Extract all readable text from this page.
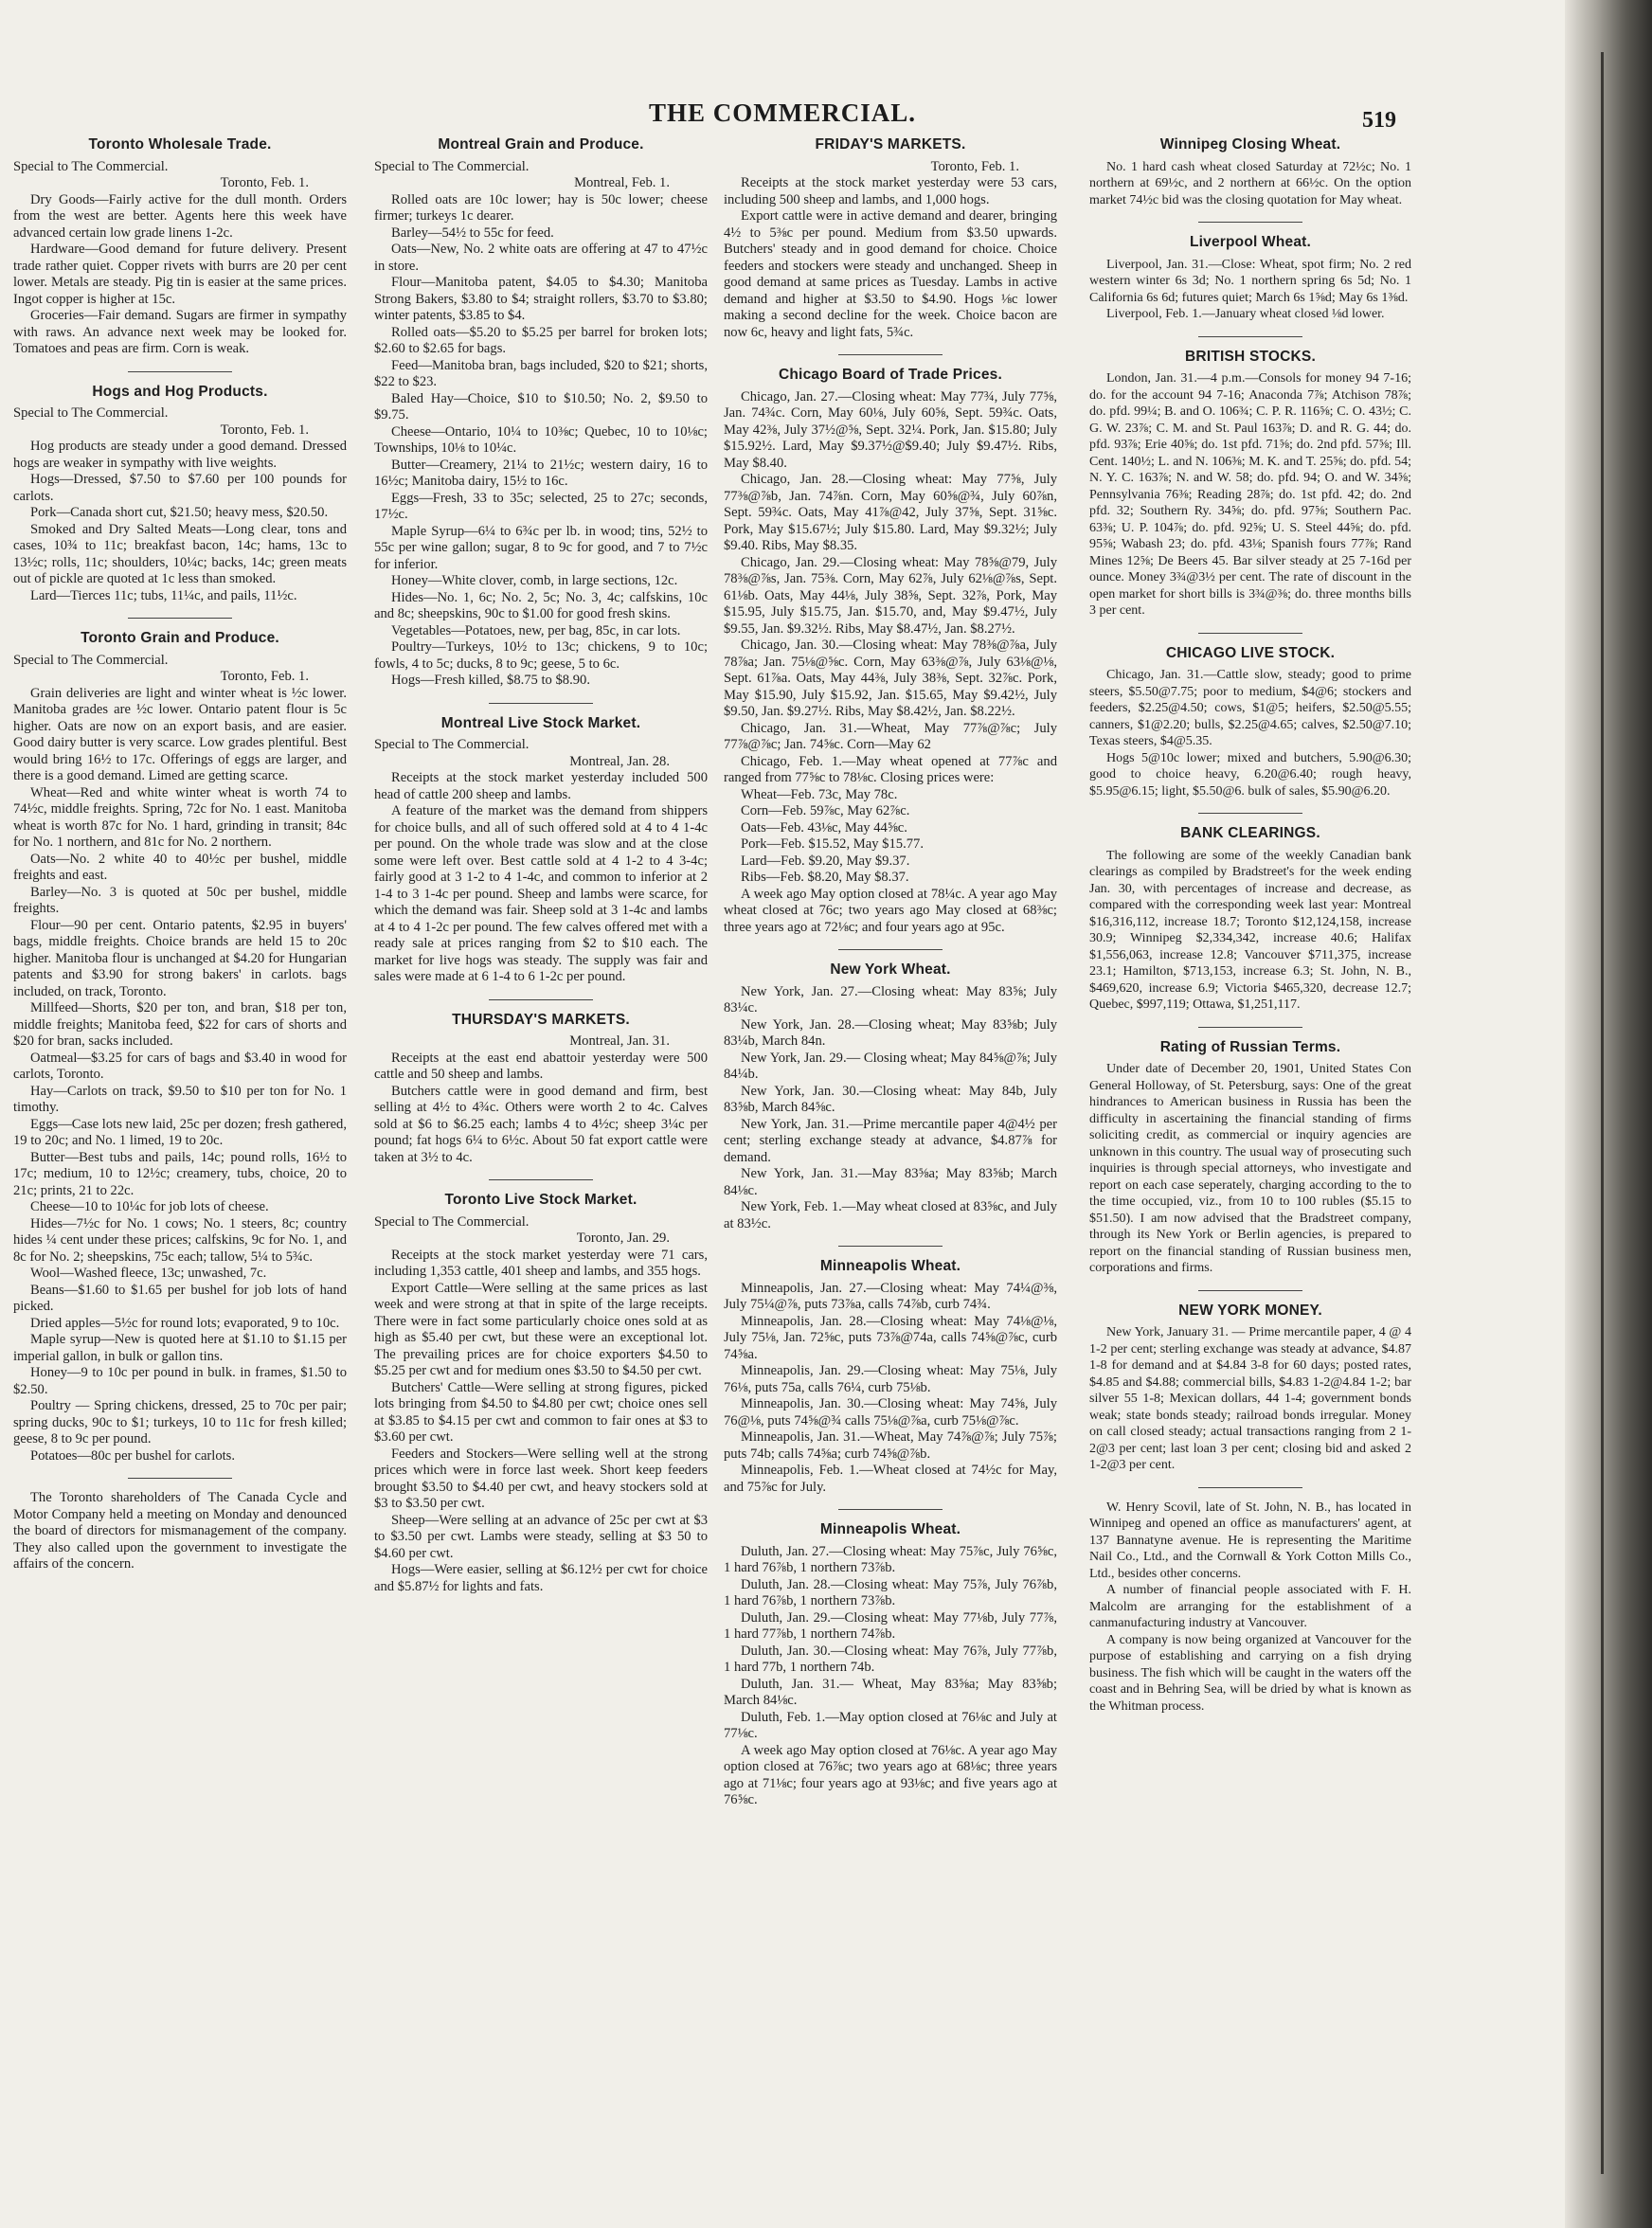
THE COMMERCIAL.	519
Toronto Wholesale Trade.
Special to The Commercial.
Toronto, Feb. 1.

Dry Goods—Fairly active for the dull month. Orders from the west are better. Agents here this week have advanced certain low grade linens 1-2c.

Hardware—Good demand for future delivery. Present trade rather quiet. Copper rivets with burrs are 20 per cent lower. Metals are steady. Pig tin is easier at the same prices. Ingot copper is higher at 15c.

Groceries—Fair demand. Sugars are firmer in sympathy with raws. An advance next week may be looked for. Tomatoes and peas are firm. Corn is weak.

Hogs and Hog Products.
Special to The Commercial.
Toronto, Feb. 1.

Hog products are steady under a good demand. Dressed hogs are weaker in sympathy with live weights.

Hogs—Dressed, $7.50 to $7.60 per 100 pounds for carlots.

Pork—Canada short cut, $21.50; heavy mess, $20.50.

Smoked and Dry Salted Meats—Long clear, tons and cases, 10¾ to 11c; breakfast bacon, 14c; hams, 13c to 13½c; rolls, 11c; shoulders, 10¼c; backs, 14c; green meats out of pickle are quoted at 1c less than smoked.

Lard—Tierces 11c; tubs, 11¼c, and pails, 11½c.

Toronto Grain and Produce.
Special to The Commercial.
Toronto, Feb. 1.

Grain deliveries are light and winter wheat is ½c lower. Manitoba grades are ½c lower. Ontario patent flour is 5c higher. Oats are now on an export basis, and are easier. Good dairy butter is very scarce. Low grades plentiful. Best would bring 16½ to 17c. Offerings of eggs are larger, and there is a good demand. Limed are getting scarce.

Wheat—Red and white winter wheat is worth 74 to 74½c, middle freights. Spring, 72c for No. 1 east. Manitoba wheat is worth 87c for No. 1 hard, grinding in transit; 84c for No. 1 northern, and 81c for No. 2 northern.

Oats—No. 2 white 40 to 40½c per bushel, middle freights and east.

Barley—No. 3 is quoted at 50c per bushel, middle freights.

Flour—90 per cent. Ontario patents, $2.95 in buyers' bags, middle freights. Choice brands are held 15 to 20c higher. Manitoba flour is unchanged at $4.20 for Hungarian patents and $3.90 for strong bakers' in carlots. bags included, on track, Toronto.

Millfeed—Shorts, $20 per ton, and bran, $18 per ton, middle freights; Manitoba feed, $22 for cars of shorts and $20 for bran, sacks included.

Oatmeal—$3.25 for cars of bags and $3.40 in wood for carlots, Toronto.

Hay—Carlots on track, $9.50 to $10 per ton for No. 1 timothy.

Eggs—Case lots new laid, 25c per dozen; fresh gathered, 19 to 20c; and No. 1 limed, 19 to 20c.

Butter—Best tubs and pails, 14c; pound rolls, 16½ to 17c; medium, 10 to 12½c; creamery, tubs, choice, 20 to 21c; prints, 21 to 22c.

Cheese—10 to 10¼c for job lots of cheese.

Hides—7½c for No. 1 cows; No. 1 steers, 8c; country hides ¼ cent under these prices; calfskins, 9c for No. 1, and 8c for No. 2; sheepskins, 75c each; tallow, 5¼ to 5¾c.

Wool—Washed fleece, 13c; unwashed, 7c.

Beans—$1.60 to $1.65 per bushel for job lots of hand picked.

Dried apples—5½c for round lots; evaporated, 9 to 10c.

Maple syrup—New is quoted here at $1.10 to $1.15 per imperial gallon, in bulk or gallon tins.

Honey—9 to 10c per pound in bulk. in frames, $1.50 to $2.50.

Poultry — Spring chickens, dressed, 25 to 70c per pair; spring ducks, 90c to $1; turkeys, 10 to 11c for fresh killed; geese, 8 to 9c per pound.

Potatoes—80c per bushel for carlots.

The Toronto shareholders of The Canada Cycle and Motor Company held a meeting on Monday and denounced the board of directors for mismanagement of the company. They also called upon the government to investigate the affairs of the concern.

Montreal Grain and Produce.
Special to The Commercial.
Montreal, Feb. 1.

Rolled oats are 10c lower; hay is 50c lower; cheese firmer; turkeys 1c dearer.

Barley—54½ to 55c for feed.

Oats—New, No. 2 white oats are offering at 47 to 47½c in store.

Flour—Manitoba patent, $4.05 to $4.30; Manitoba Strong Bakers, $3.80 to $4; straight rollers, $3.70 to $3.80; winter patents, $3.85 to $4.

Rolled oats—$5.20 to $5.25 per barrel for broken lots; $2.60 to $2.65 for bags.

Feed—Manitoba bran, bags included, $20 to $21; shorts, $22 to $23.

Baled Hay—Choice, $10 to $10.50; No. 2, $9.50 to $9.75.

Cheese—Ontario, 10¼ to 10⅜c; Quebec, 10 to 10⅛c; Townships, 10⅛ to 10¼c.

Butter—Creamery, 21¼ to 21½c; western dairy, 16 to 16½c; Manitoba dairy, 15½ to 16c.

Eggs—Fresh, 33 to 35c; selected, 25 to 27c; seconds, 17½c.

Maple Syrup—6¼ to 6¾c per lb. in wood; tins, 52½ to 55c per wine gallon; sugar, 8 to 9c for good, and 7 to 7½c for inferior.

Honey—White clover, comb, in large sections, 12c.

Hides—No. 1, 6c; No. 2, 5c; No. 3, 4c; calfskins, 10c and 8c; sheepskins, 90c to $1.00 for good fresh skins.

Vegetables—Potatoes, new, per bag, 85c, in car lots.

Poultry—Turkeys, 10½ to 13c; chickens, 9 to 10c; fowls, 4 to 5c; ducks, 8 to 9c; geese, 5 to 6c.

Hogs—Fresh killed, $8.75 to $8.90.

Montreal Live Stock Market.
Special to The Commercial.
Montreal, Jan. 28.

Receipts at the stock market yesterday included 500 head of cattle 200 sheep and lambs.

A feature of the market was the demand from shippers for choice bulls, and all of such offered sold at 4 to 4 1-4c per pound. On the whole trade was slow and at the close some were left over. Best cattle sold at 4 1-2 to 4 3-4c; fairly good at 3 1-2 to 4 1-4c, and common to inferior at 2 1-4 to 3 1-4c per pound. Sheep and lambs were scarce, for which the demand was fair. Sheep sold at 3 1-4c and lambs at 4 to 4 1-2c per pound. The few calves offered met with a ready sale at prices ranging from $2 to $10 each. The market for live hogs was steady. The supply was fair and sales were made at 6 1-4 to 6 1-2c per pound.

THURSDAY'S MARKETS.
Montreal, Jan. 31.

Receipts at the east end abattoir yesterday were 500 cattle and 50 sheep and lambs.

Butchers cattle were in good demand and firm, best selling at 4½ to 4¾c. Others were worth 2 to 4c. Calves sold at $6 to $6.25 each; lambs 4 to 4½c; sheep 3¼c per pound; fat hogs 6¼ to 6½c. About 50 fat export cattle were taken at 3½ to 4c.

Toronto Live Stock Market.
Special to The Commercial.
Toronto, Jan. 29.

Receipts at the stock market yesterday were 71 cars, including 1,353 cattle, 401 sheep and lambs, and 355 hogs.

Export Cattle—Were selling at the same prices as last week and were strong at that in spite of the large receipts. There were in fact some particularly choice ones sold at as high as $5.40 per cwt, but these were an exceptional lot. The prevailing prices are for choice exporters $4.50 to $5.25 per cwt and for medium ones $3.50 to $4.50 per cwt.

Butchers' Cattle—Were selling at strong figures, picked lots bringing from $4.50 to $4.80 per cwt; choice ones sell at $3.85 to $4.15 per cwt and common to fair ones at $3 to $3.60 per cwt.

Feeders and Stockers—Were selling well at the strong prices which were in force last week. Short keep feeders brought $3.50 to $4.40 per cwt, and heavy stockers sold at $3 to $3.50 per cwt.

Sheep—Were selling at an advance of 25c per cwt at $3 to $3.50 per cwt. Lambs were steady, selling at $3 50 to $4.60 per cwt.

Hogs—Were easier, selling at $6.12½ per cwt for choice and $5.87½ for lights and fats.

FRIDAY'S MARKETS.
Toronto, Feb. 1.

Receipts at the stock market yesterday were 53 cars, including 500 sheep and lambs, and 1,000 hogs.

Export cattle were in active demand and dearer, bringing 4½ to 5⅜c per pound. Medium from $3.50 upwards. Butchers' steady and in good demand for choice. Choice feeders and stockers were steady and unchanged. Sheep in good demand at same prices as Tuesday. Lambs in active demand and higher at $3.50 to $4.90. Hogs ⅛c lower making a second decline for the week. Choice bacon are now 6c, heavy and light fats, 5¾c.

Chicago Board of Trade Prices.

Chicago, Jan. 27.—Closing wheat: May 77¾, July 77⅝, Jan. 74¾c. Corn, May 60⅛, July 60⅝, Sept. 59¾c. Oats, May 42⅜, July 37½@⅝, Sept. 32¼. Pork, Jan. $15.80; July $15.92½. Lard, May $9.37½@$9.40; July $9.47½. Ribs, May $8.40.

Chicago, Jan. 28.—Closing wheat: May 77⅝, July 77⅜@⅞b, Jan. 74⅞n. Corn, May 60⅝@¾, July 60⅞n, Sept. 59¾c. Oats, May 41⅞@42, July 37⅝, Sept. 31⅝c. Pork, May $15.67½; July $15.80. Lard, May $9.32½; July $9.40. Ribs, May $8.35.

Chicago, Jan. 29.—Closing wheat: May 78⅝@79, July 78⅜@⅞s, Jan. 75⅜. Corn, May 62⅞, July 62⅛@⅞s, Sept. 61⅛b. Oats, May 44⅛, July 38⅝, Sept. 32⅞, Pork, May $15.95, July $15.75, Jan. $15.70, and, May $9.47½, July $9.55, Jan. $9.32½. Ribs, May $8.47½, Jan. $8.27½.

Chicago, Jan. 30.—Closing wheat: May 78⅜@⅞a, July 78⅞a; Jan. 75⅛@⅝c. Corn, May 63⅜@⅞, July 63⅛@⅛, Sept. 61⅞a. Oats, May 44⅜, July 38⅜, Sept. 32⅞c. Pork, May $15.90, July $15.92, Jan. $15.65, May $9.42½, July $9.50, Jan. $9.27½. Ribs, May $8.42½, Jan. $8.22½.

Chicago, Jan. 31.—Wheat, May 77⅞@⅞c; July 77⅞@⅞c; Jan. 74⅝c. Corn—May 62

Chicago, Feb. 1.—May wheat opened at 77⅞c and ranged from 77⅝c to 78⅛c. Closing prices were:

Wheat—Feb. 73c, May 78c.

Corn—Feb. 59⅞c, May 62⅞c.

Oats—Feb. 43⅛c, May 44⅝c.

Pork—Feb. $15.52, May $15.77.

Lard—Feb. $9.20, May $9.37.

Ribs—Feb. $8.20, May $8.37.

A week ago May option closed at 78¼c. A year ago May wheat closed at 76c; two years ago May closed at 68⅜c; three years ago at 72⅛c; and four years ago at 95c.

New York Wheat.

New York, Jan. 27.—Closing wheat: May 83⅝; July 83¼c.

New York, Jan. 28.—Closing wheat; May 83⅝b; July 83¼b, March 84n.

New York, Jan. 29.— Closing wheat; May 84⅝@⅞; July 84¼b.

New York, Jan. 30.—Closing wheat: May 84b, July 83⅝b, March 84⅝c.

New York, Jan. 31.—Prime mercantile paper 4@4½ per cent; sterling exchange steady at advance, $4.87⅞ for demand.

New York, Jan. 31.—May 83⅝a; May 83⅝b; March 84⅛c.

New York, Feb. 1.—May wheat closed at 83⅝c, and July at 83½c.

Minneapolis Wheat.

Minneapolis, Jan. 27.—Closing wheat: May 74¼@⅜, July 75¼@⅞, puts 73⅞a, calls 74⅞b, curb 74¾.

Minneapolis, Jan. 28.—Closing wheat: May 74⅛@⅛, July 75⅛, Jan. 72⅝c, puts 73⅞@74a, calls 74⅝@⅞c, curb 74⅝a.

Minneapolis, Jan. 29.—Closing wheat: May 75⅛, July 76⅛, puts 75a, calls 76¼, curb 75⅛b.

Minneapolis, Jan. 30.—Closing wheat: May 74⅝, July 76@⅛, puts 74⅝@¾ calls 75⅛@⅞a, curb 75⅛@⅞c.

Minneapolis, Jan. 31.—Wheat, May 74⅞@⅞; July 75⅞; puts 74b; calls 74⅝a; curb 74⅝@⅞b.

Minneapolis, Feb. 1.—Wheat closed at 74½c for May, and 75⅞c for July.

Minneapolis Wheat.

Duluth, Jan. 27.—Closing wheat: May 75⅞c, July 76⅝c, 1 hard 76⅞b, 1 northern 73⅞b.

Duluth, Jan. 28.—Closing wheat: May 75⅞, July 76⅞b, 1 hard 76⅞b, 1 northern 73⅞b.

Duluth, Jan. 29.—Closing wheat: May 77⅛b, July 77⅞, 1 hard 77⅞b, 1 northern 74⅞b.

Duluth, Jan. 30.—Closing wheat: May 76⅞, July 77⅞b, 1 hard 77b, 1 northern 74b.

Duluth, Jan. 31.— Wheat, May 83⅝a; May 83⅝b; March 84⅛c.

Duluth, Feb. 1.—May option closed at 76⅛c and July at 77⅛c.

A week ago May option closed at 76⅛c. A year ago May option closed at 76⅞c; two years ago at 68⅛c; three years ago at 71⅛c; four years ago at 93⅛c; and five years ago at 76⅝c.

Winnipeg Closing Wheat.

No. 1 hard cash wheat closed Saturday at 72½c; No. 1 northern at 69½c, and 2 northern at 66½c. On the option market 74½c bid was the closing quotation for May wheat.

Liverpool Wheat.

Liverpool, Jan. 31.—Close: Wheat, spot firm; No. 2 red western winter 6s 3d; No. 1 northern spring 6s 5d; No. 1 California 6s 6d; futures quiet; March 6s 1⅝d; May 6s 1⅜d.

Liverpool, Feb. 1.—January wheat closed ⅛d lower.

BRITISH STOCKS.

London, Jan. 31.—4 p.m.—Consols for money 94 7-16; do. for the account 94 7-16; Anaconda 7⅞; Atchison 78⅞; do. pfd. 99¼; B. and O. 106¾; C. P. R. 116⅝; C. O. 43½; C. G. W. 23⅞; C. M. and St. Paul 163⅞; D. and R. G. 44; do. pfd. 93⅞; Erie 40⅝; do. 1st pfd. 71⅝; do. 2nd pfd. 57⅝; Ill. Cent. 140½; L. and N. 106⅜; M. K. and T. 25⅝; do. pfd. 54; N. Y. C. 163⅞; N. and W. 58; do. pfd. 94; O. and W. 34⅝; Pennsylvania 76⅜; Reading 28⅞; do. 1st pfd. 42; do. 2nd pfd. 32; Southern Ry. 34⅝; do. pfd. 97⅝; Southern Pac. 63⅜; U. P. 104⅞; do. pfd. 92⅝; U. S. Steel 44⅝; do. pfd. 95⅝; Wabash 23; do. pfd. 43⅛; Spanish fours 77⅞; Rand Mines 12⅝; De Beers 45. Bar silver steady at 25 7-16d per ounce. Money 3¾@3½ per cent. The rate of discount in the open market for short bills is 3¾@⅜; do. three months bills 3 per cent.

CHICAGO LIVE STOCK.

Chicago, Jan. 31.—Cattle slow, steady; good to prime steers, $5.50@7.75; poor to medium, $4@6; stockers and feeders, $2.25@4.50; cows, $1@5; heifers, $2.50@5.55; canners, $1@2.20; bulls, $2.25@4.65; calves, $2.50@7.10; Texas steers, $4@5.35.

Hogs 5@10c lower; mixed and butchers, 5.90@6.30; good to choice heavy, 6.20@6.40; rough heavy, $5.95@6.15; light, $5.50@6. bulk of sales, $5.90@6.20.

BANK CLEARINGS.

The following are some of the weekly Canadian bank clearings as compiled by Bradstreet's for the week ending Jan. 30, with percentages of increase and decrease, as compared with the corresponding week last year: Montreal $16,316,112, increase 18.7; Toronto $12,124,158, increase 30.9; Winnipeg $2,334,342, increase 40.6; Halifax $1,556,063, increase 12.8; Vancouver $711,375, increase 23.1; Hamilton, $713,153, increase 6.3; St. John, N. B., $469,620, increase 6.9; Victoria $465,320, decrease 12.7; Quebec, $997,119; Ottawa, $1,251,117.

Rating of Russian Terms.

Under date of December 20, 1901, United States Con General Holloway, of St. Petersburg, says: One of the great hindrances to American business in Russia has been the difficulty in ascertaining the financial standing of firms soliciting credit, as commercial or inquiry agencies are unknown in this country. The usual way of prosecuting such inquiries is through special attorneys, who investigate and report on each case seperately, charging according to the to the time occupied, viz., from 10 to 100 rubles ($5.15 to $51.50). I am now advised that the Bradstreet company, through its New York or Berlin agencies, is prepared to report on the financial standing of Russian business men, corporations and firms.

NEW YORK MONEY.

New York, January 31. — Prime mercantile paper, 4 @ 4 1-2 per cent; sterling exchange was steady at advance, $4.87 1-8 for demand and at $4.84 3-8 for 60 days; posted rates, $4.85 and $4.88; commercial bills, $4.83 1-2@4.84 1-2; bar silver 55 1-8; Mexican dollars, 44 1-4; government bonds weak; state bonds steady; railroad bonds irregular. Money on call closed steady; actual transactions ranging from 2 1-2@3 per cent; last loan 3 per cent; closing bid and asked 2 1-2@3 per cent.

W. Henry Scovil, late of St. John, N. B., has located in Winnipeg and opened an office as manufacturers' agent, at 137 Bannatyne avenue. He is representing the Maritime Nail Co., Ltd., and the Cornwall & York Cotton Mills Co., Ltd., besides other concerns.

A number of financial people associated with F. H. Malcolm are arranging for the establishment of a canmanufacturing industry at Vancouver.

A company is now being organized at Vancouver for the purpose of establishing and carrying on a fish drying business. The fish which will be caught in the waters off the coast and in Behring Sea, will be dried by what is known as the Whitman process.
